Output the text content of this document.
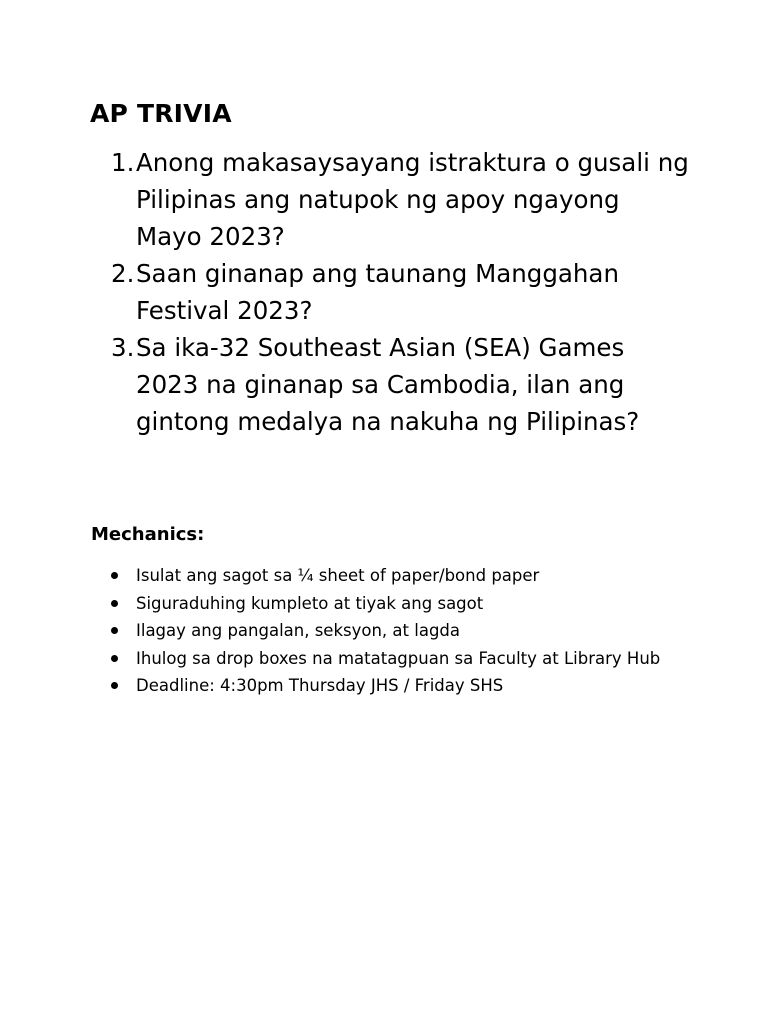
AP TRIVIA
1. Anong makasaysayang istraktura o gusali ng Pilipinas ang natupok ng apoy ngayong Mayo 2023?
2. Saan ginanap ang taunang Manggahan Festival 2023?
3. Sa ika-32 Southeast Asian (SEA) Games 2023 na ginanap sa Cambodia, ilan ang gintong medalya na nakuha ng Pilipinas?
Mechanics:
Isulat ang sagot sa ¼ sheet of paper/bond paper
Siguraduhing kumpleto at tiyak ang sagot
Ilagay ang pangalan, seksyon, at lagda
Ihulog sa drop boxes na matatagpuan sa Faculty at Library Hub
Deadline: 4:30pm Thursday JHS / Friday SHS
